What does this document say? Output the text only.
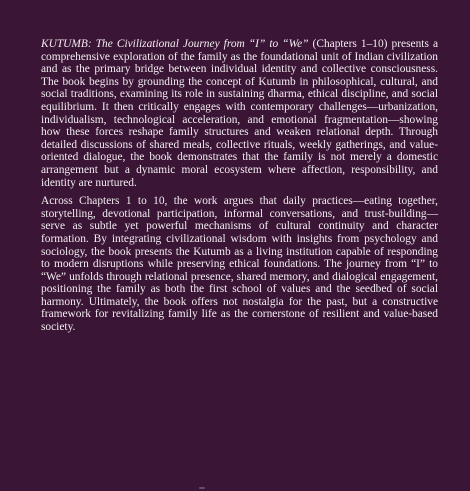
KUTUMB: The Civilizational Journey from “I” to “We” (Chapters 1–10) presents a comprehensive exploration of the family as the foundational unit of Indian civilization and as the primary bridge between individual identity and collective consciousness. The book begins by grounding the concept of Kutumb in philosophical, cultural, and social traditions, examining its role in sustaining dharma, ethical discipline, and social equilibrium. It then critically engages with contemporary challenges—urbanization, individualism, technological acceleration, and emotional fragmentation—showing how these forces reshape family structures and weaken relational depth. Through detailed discussions of shared meals, collective rituals, weekly gatherings, and value-oriented dialogue, the book demonstrates that the family is not merely a domestic arrangement but a dynamic moral ecosystem where affection, responsibility, and identity are nurtured.

Across Chapters 1 to 10, the work argues that daily practices—eating together, storytelling, devotional participation, informal conversations, and trust-building—serve as subtle yet powerful mechanisms of cultural continuity and character formation. By integrating civilizational wisdom with insights from psychology and sociology, the book presents the Kutumb as a living institution capable of responding to modern disruptions while preserving ethical foundations. The journey from “I” to “We” unfolds through relational presence, shared memory, and dialogical engagement, positioning the family as both the first school of values and the seedbed of social harmony. Ultimately, the book offers not nostalgia for the past, but a constructive framework for revitalizing family life as the cornerstone of resilient and value-based society.
